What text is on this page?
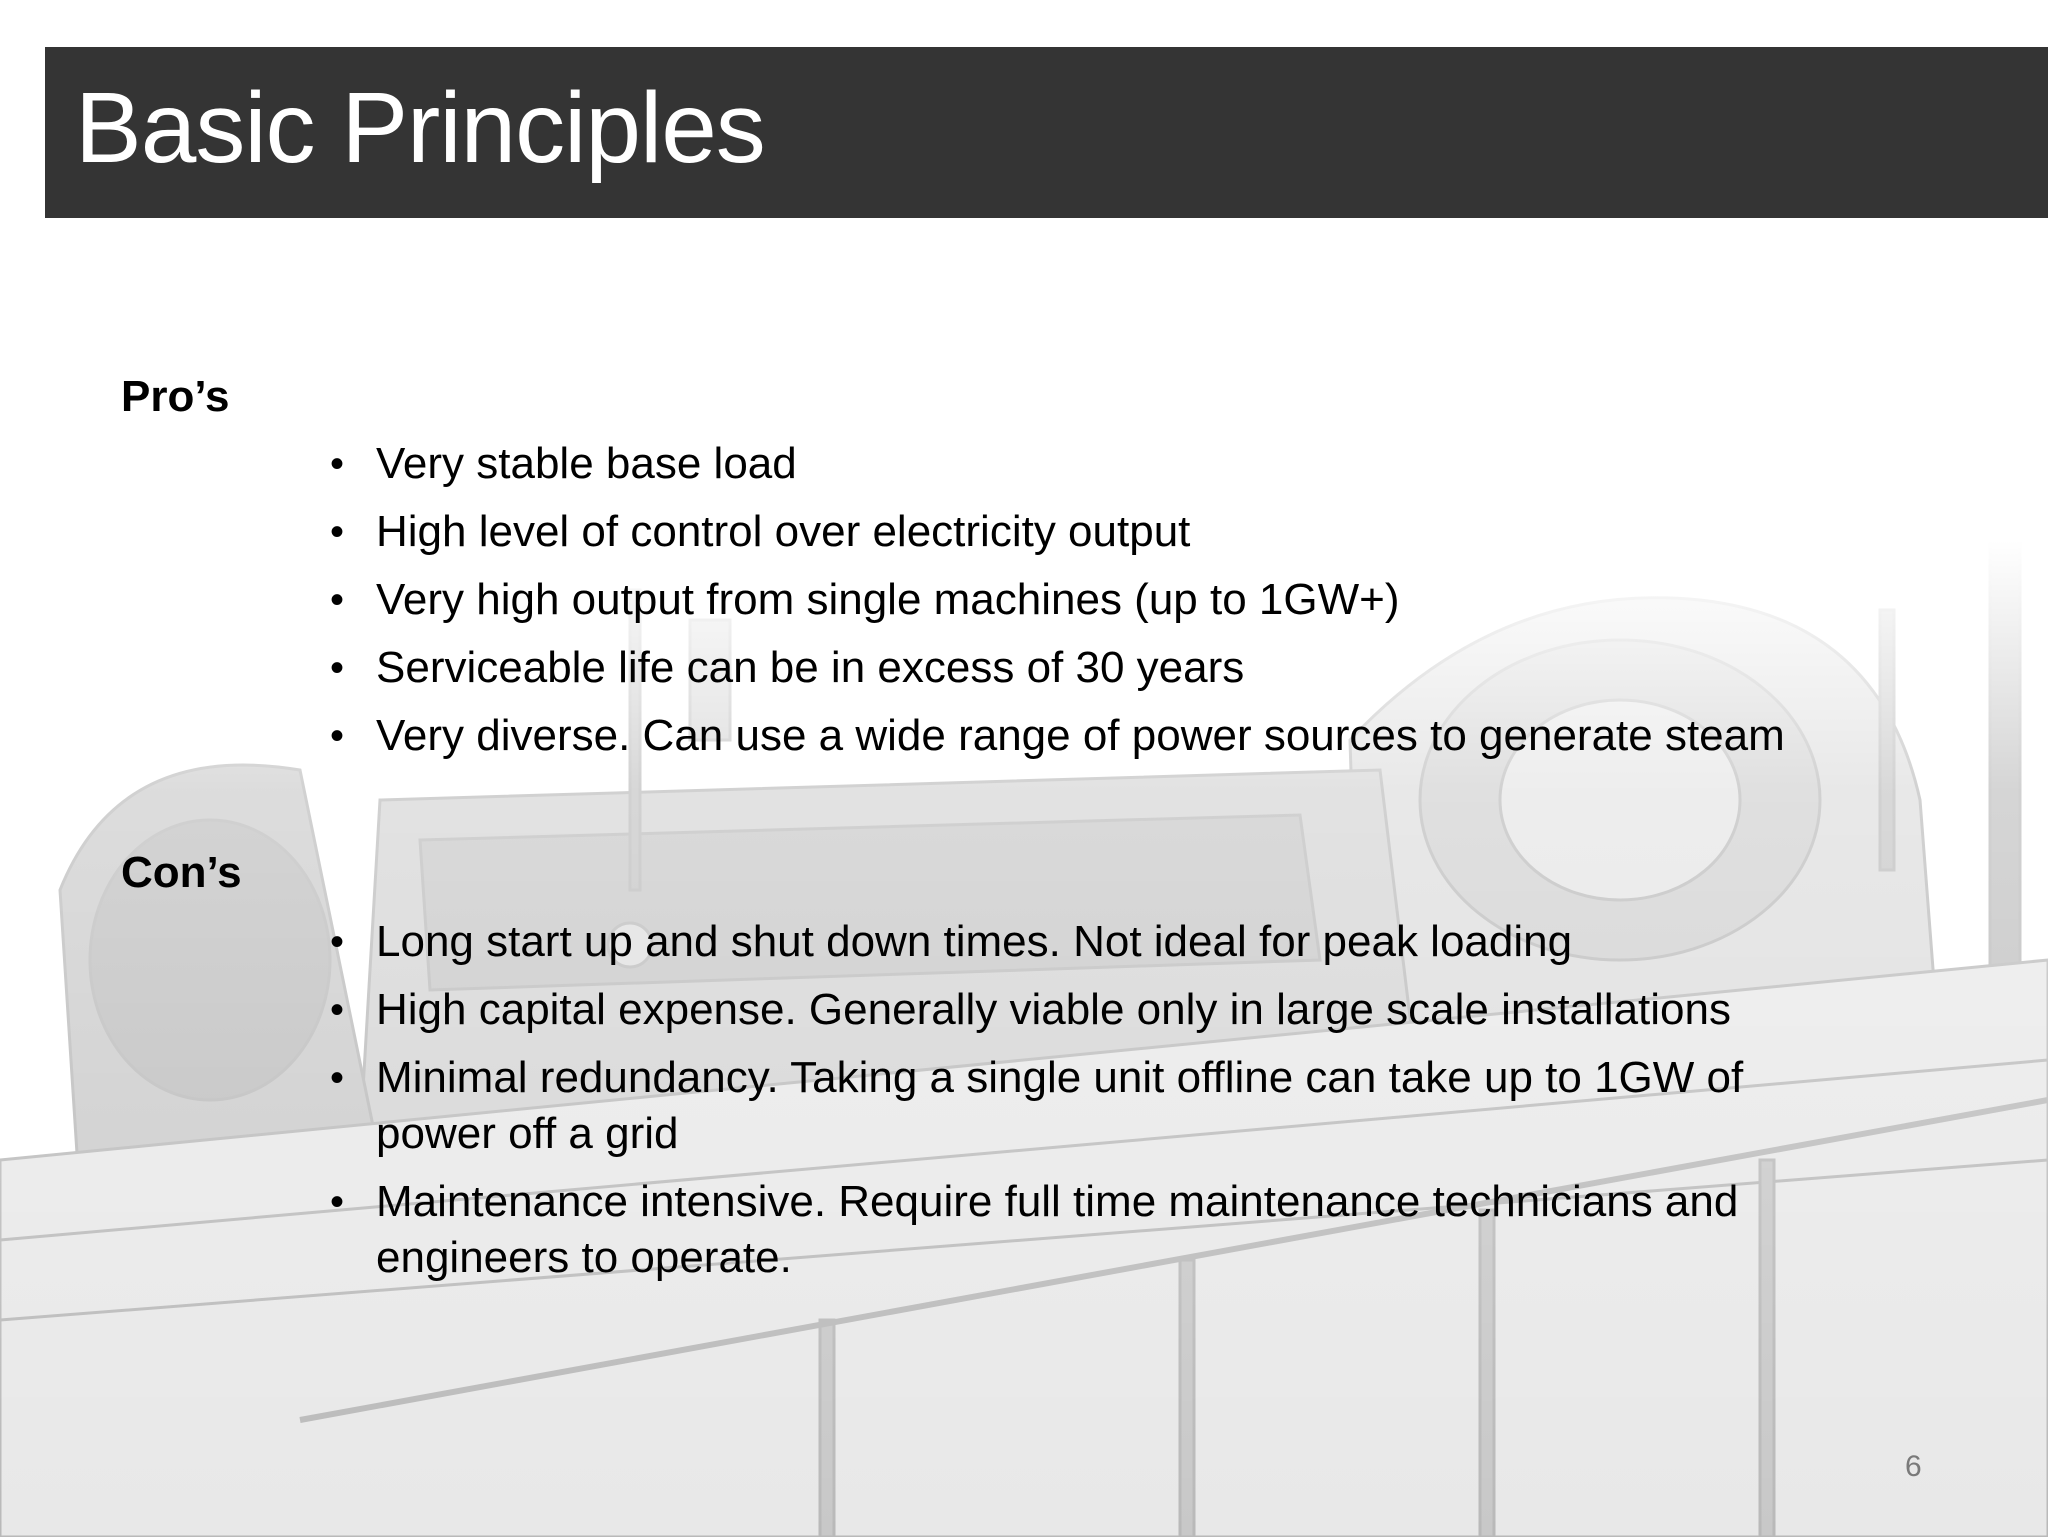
Basic Principles
Pro’s
• Very stable base load
• High level of control over electricity output
• Very high output from single machines (up to 1GW+)
• Serviceable life can be in excess of 30 years
• Very diverse. Can use a wide range of power sources to generate steam
Con’s
• Long start up and shut down times. Not ideal for peak loading
• High capital expense. Generally viable only in large scale installations
• Minimal redundancy. Taking a single unit offline can take up to 1GW of
power off a grid
• Maintenance intensive. Require full time maintenance technicians and
engineers to operate.
6
